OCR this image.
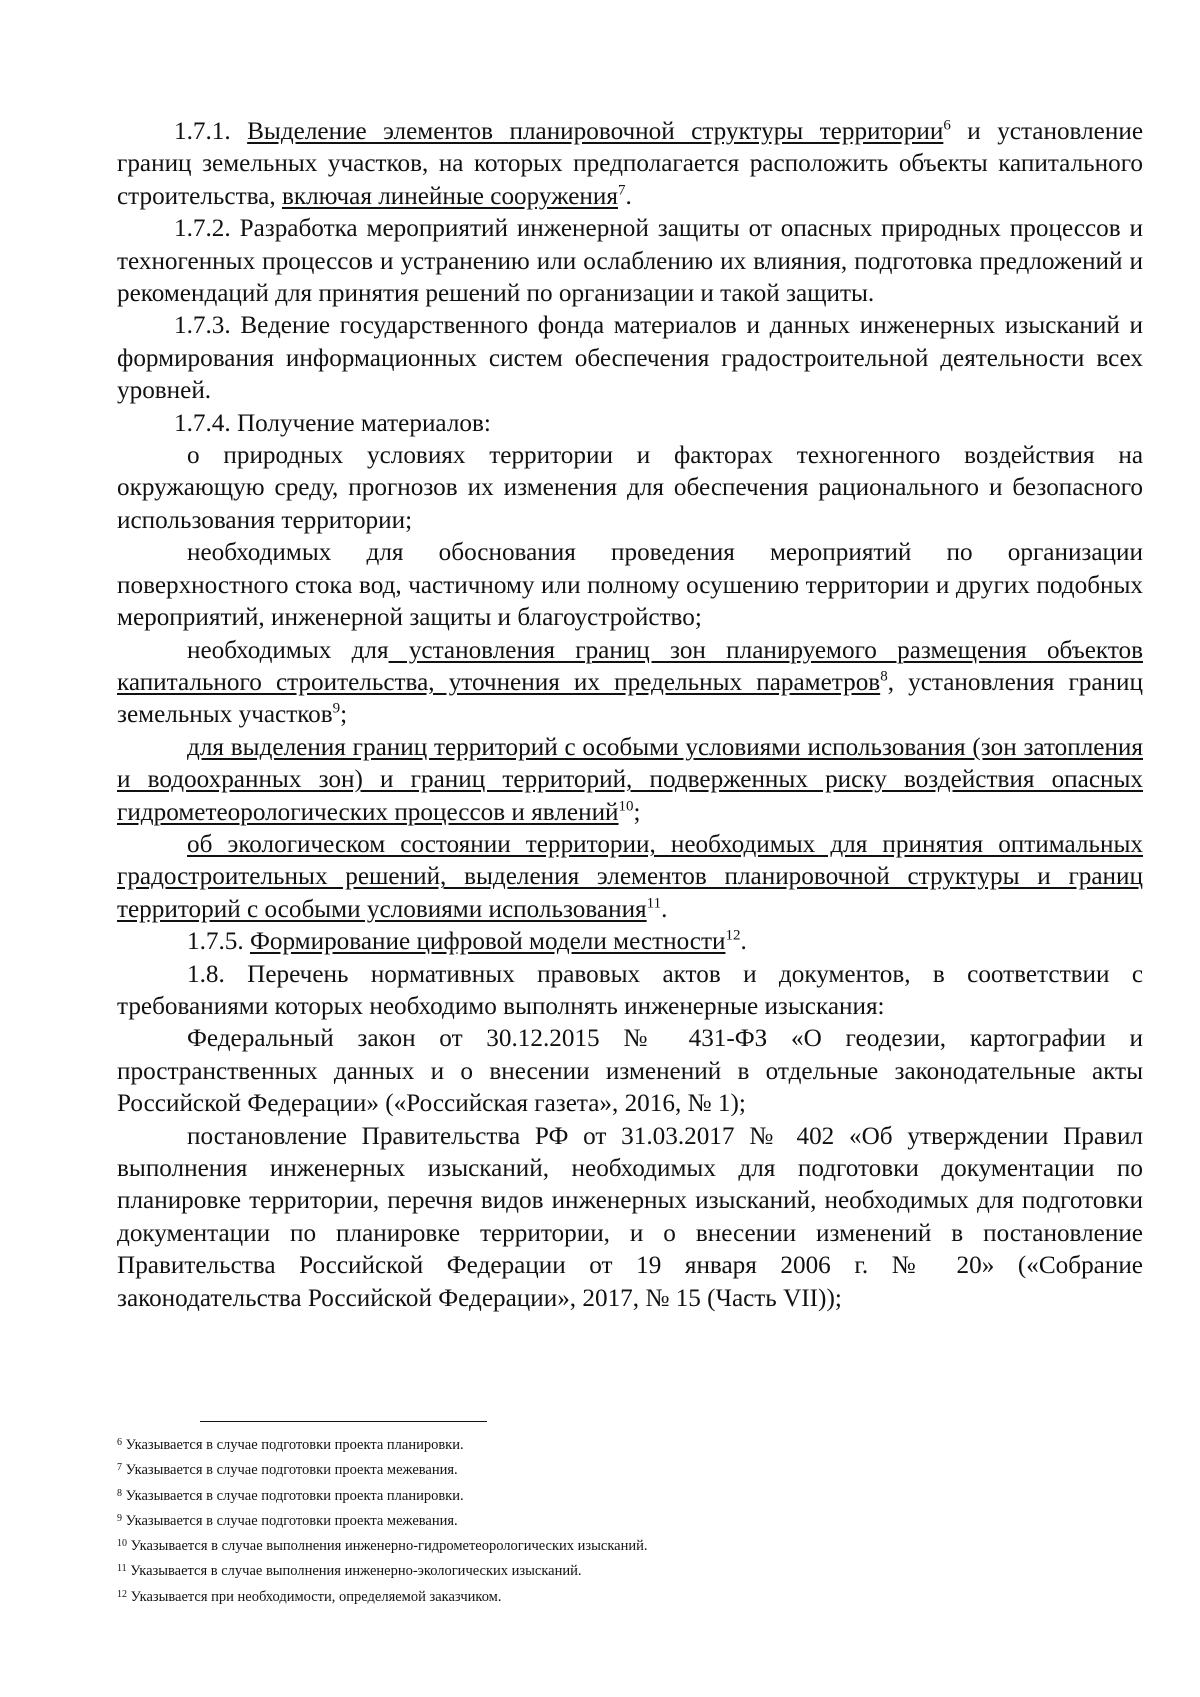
1.7.1. Выделение элементов планировочной структуры территории$^6$ и установление границ земельных участков, на которых предполагается расположить объекты капитального строительства, включая линейные сооружения$^7$.

1.7.2. Разработка мероприятий инженерной защиты от опасных природных процессов и техногенных процессов и устранению или ослаблению их влияния, подготовка предложений и рекомендаций для принятия решений по организации и такой защиты.

1.7.3. Ведение государственного фонда материалов и данных инженерных изысканий и формирования информационных систем обеспечения градостроительной деятельности всех уровней.

1.7.4. Получение материалов:

о природных условиях территории и факторах техногенного воздействия на окружающую среду, прогнозов их изменения для обеспечения рационального и безопасного использования территории;

необходимых для обоснования проведения мероприятий по организации поверхностного стока вод, частичному или полному осушению территории и других подобных мероприятий, инженерной защиты и благоустройство;

необходимых для установления границ зон планируемого размещения объектов капитального строительства, уточнения их предельных параметров$^8$, установления границ земельных участков$^9$;

для выделения границ территорий с особыми условиями использования (зон затопления и водоохранных зон) и границ территорий, подверженных риску воздействия опасных гидрометеорологических процессов и явлений$^{10}$;

об экологическом состоянии территории, необходимых для принятия оптимальных градостроительных решений, выделения элементов планировочной структуры и границ территорий с особыми условиями использования$^{11}$.

1.7.5. Формирование цифровой модели местности$^{12}$.

1.8. Перечень нормативных правовых актов и документов, в соответствии с требованиями которых необходимо выполнять инженерные изыскания:

Федеральный закон от 30.12.2015 № 431-ФЗ «О геодезии, картографии и пространственных данных и о внесении изменений в отдельные законодательные акты Российской Федерации» («Российская газета», 2016, № 1);

постановление Правительства РФ от 31.03.2017 № 402 «Об утверждении Правил выполнения инженерных изысканий, необходимых для подготовки документации по планировке территории, перечня видов инженерных изысканий, необходимых для подготовки документации по планировке территории, и о внесении изменений в постановление Правительства Российской Федерации от 19 января 2006 г. № 20» («Собрание законодательства Российской Федерации», 2017, № 15 (Часть VII));

$^6$ Указывается в случае подготовки проекта планировки.

$^7$ Указывается в случае подготовки проекта межевания.

$^8$ Указывается в случае подготовки проекта планировки.

$^9$ Указывается в случае подготовки проекта межевания.

$^{10}$ Указывается в случае выполнения инженерно-гидрометеорологических изысканий.

$^{11}$ Указывается в случае выполнения инженерно-экологических изысканий.

$^{12}$ Указывается при необходимости, определяемой заказчиком.
